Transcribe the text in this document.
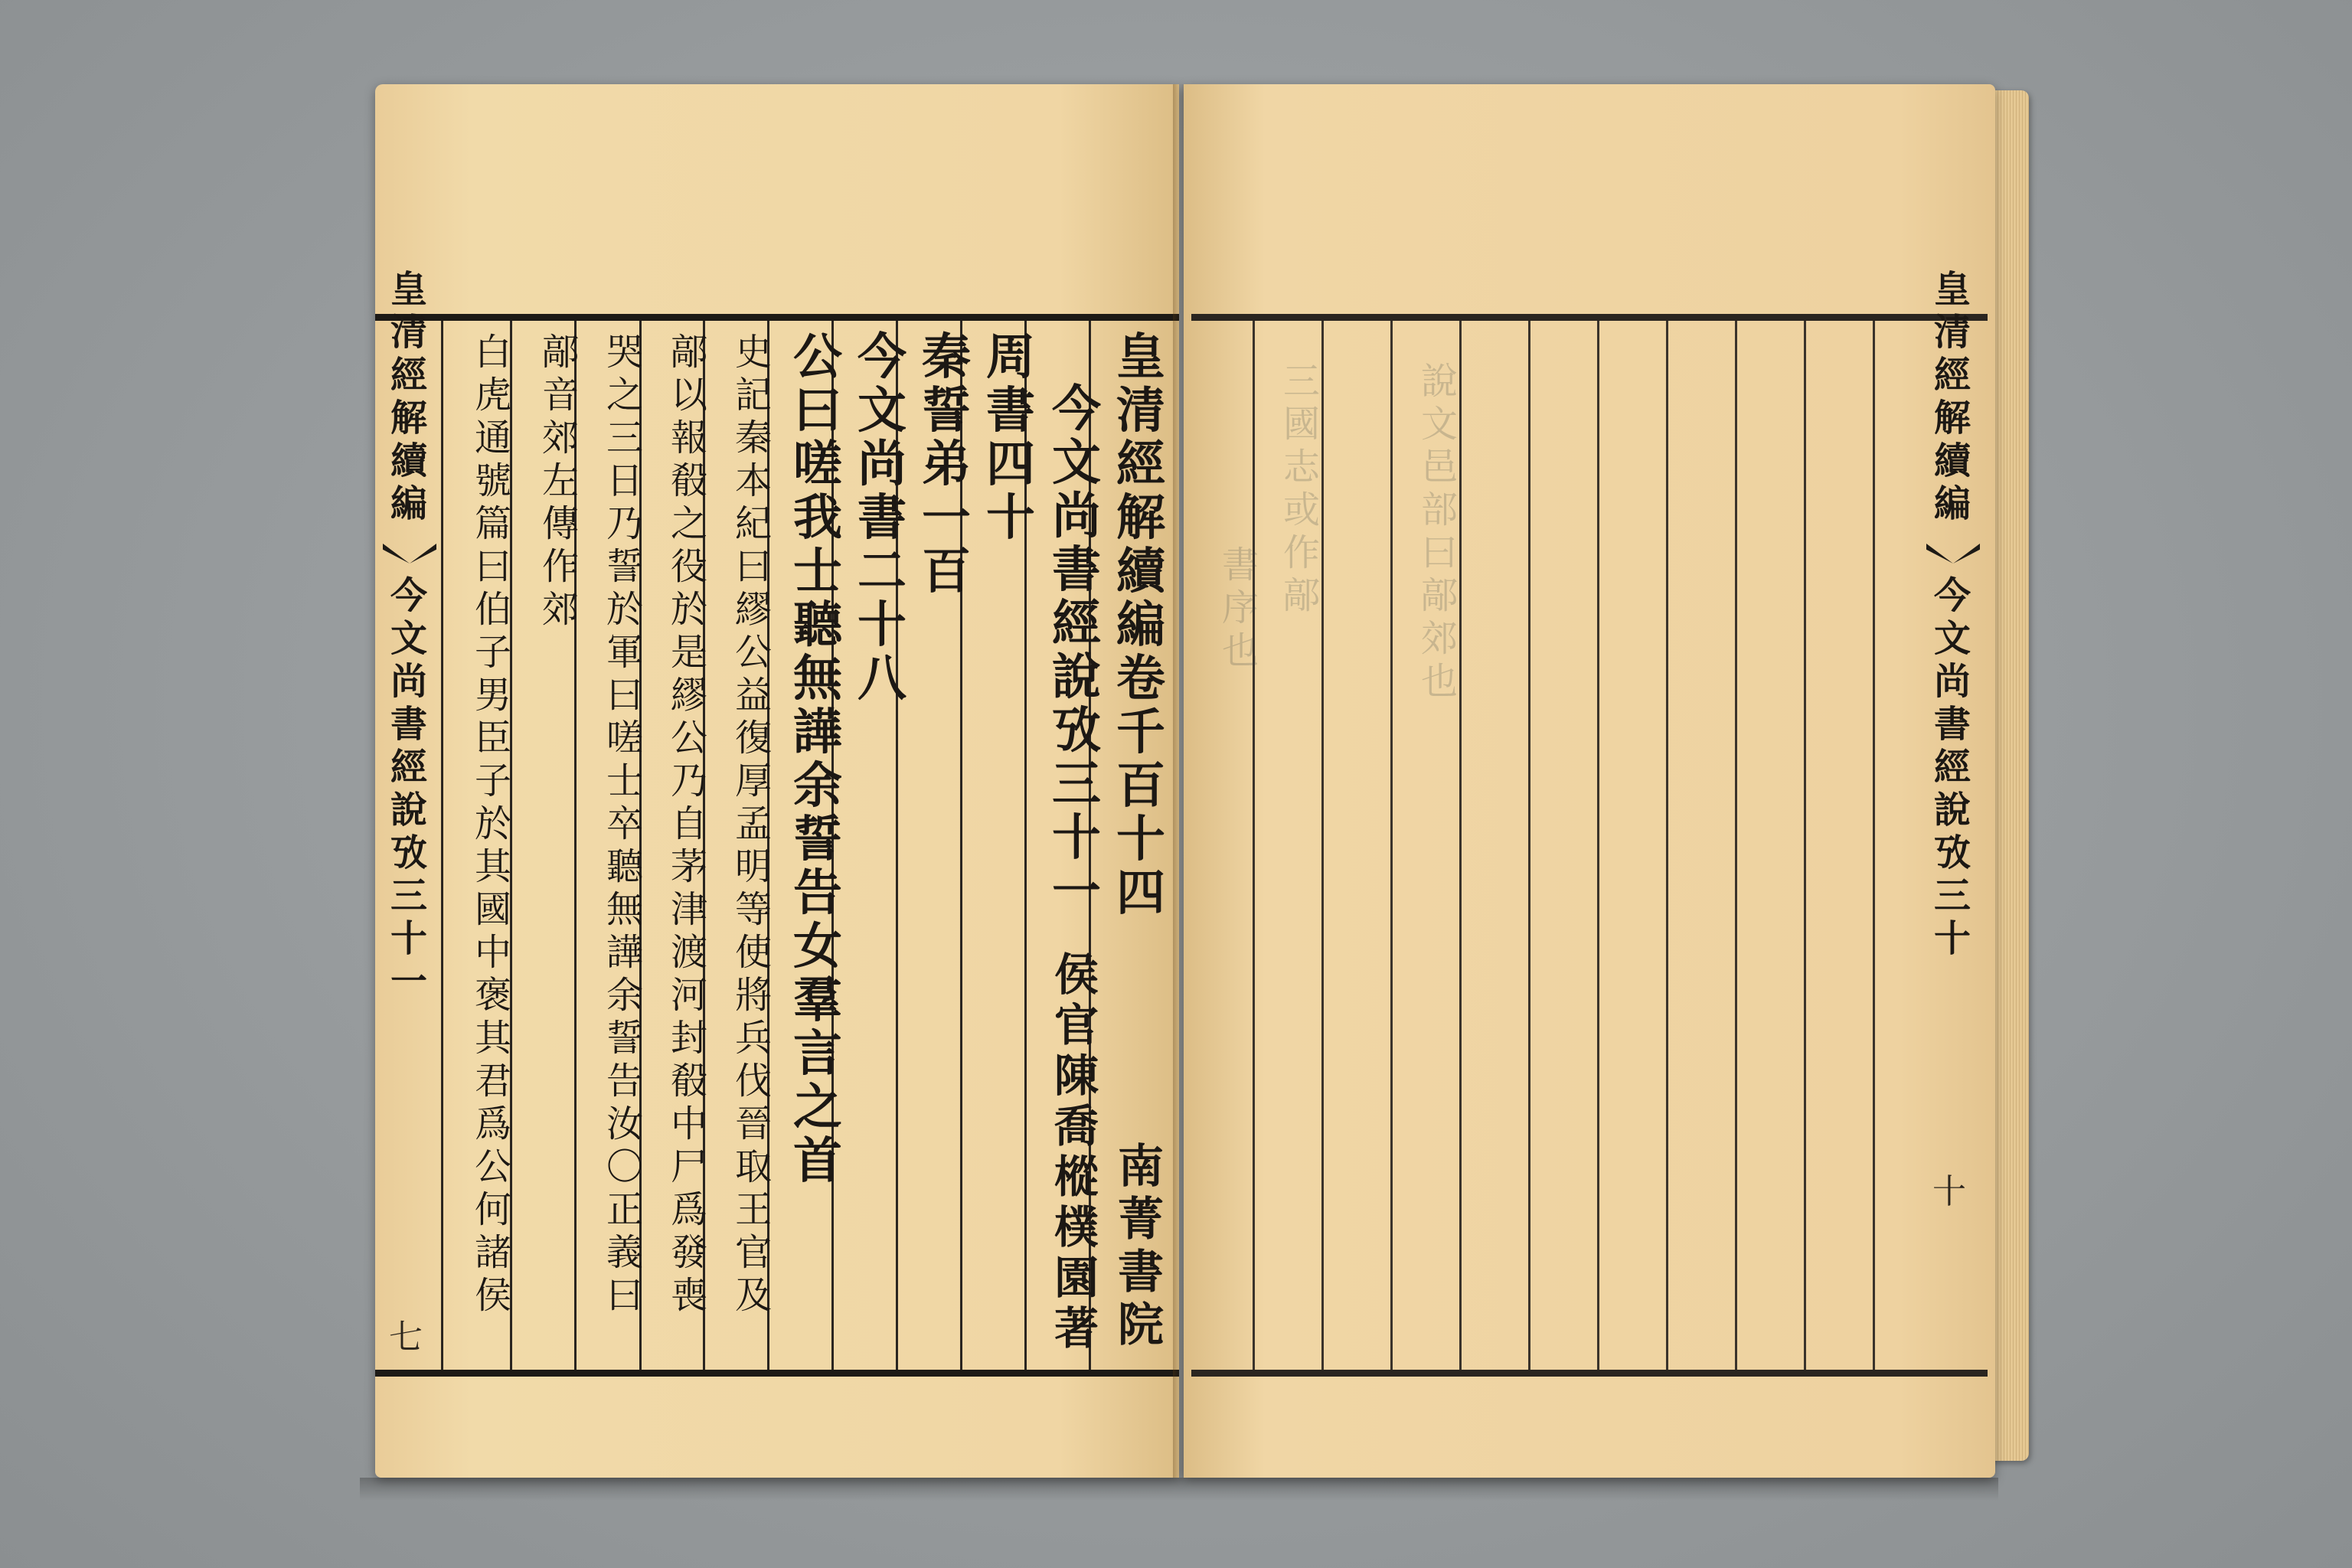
皇
清
經
解
續
編
今
文
尚
書
經
說
攷
三
十
一
七
皇
清
經
解
續
編
卷
千
百
十
四
南
菁
書
院
今
文
尚
書
經
說
攷
三
十
一
侯
官
陳
喬
樅
樸
園
著
周
書
四
十
秦
誓
弟
一
百
今
文
尚
書
二
十
八
公
曰
嗟
我
士
聽
無
譁
余
誓
告
女
羣
言
之
首
史
記
秦
本
紀
曰
繆
公
益
復
厚
孟
明
等
使
將
兵
伐
晉
取
王
官
及
鄗
以
報
殽
之
役
於
是
繆
公
乃
自
茅
津
渡
河
封
殽
中
尸
爲
發
喪
哭
之
三
日
乃
誓
於
軍
曰
嗟
士
卒
聽
無
譁
余
誓
告
汝
〇
正
義
曰
鄗
音
郊
左
傳
作
郊
白
虎
通
號
篇
曰
伯
子
男
臣
子
於
其
國
中
褒
其
君
爲
公
何
諸
侯
書
序
也
三
國
志
或
作
鄗
說
文
邑
部
曰
鄗
郊
也
皇
清
經
解
續
編
今
文
尚
書
經
說
攷
三
十
十
